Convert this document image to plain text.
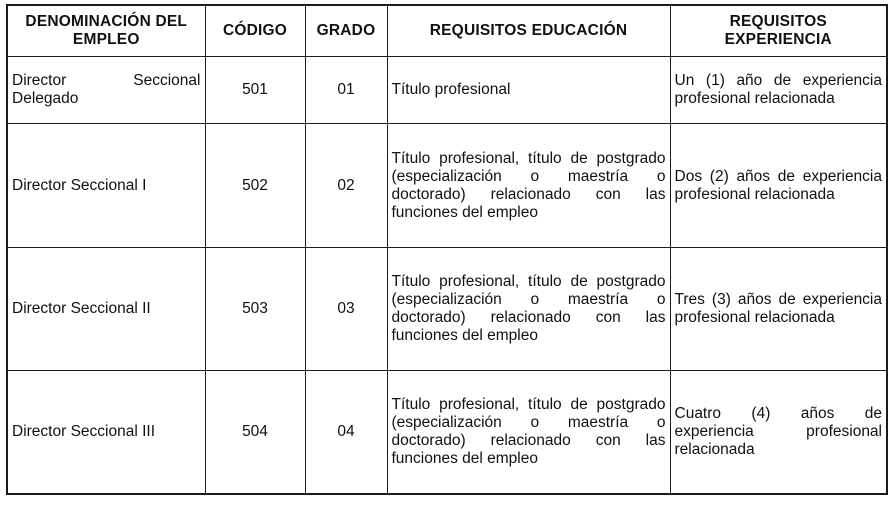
DENOMINACIÓN DEL EMPLEO	CÓDIGO	GRADO	REQUISITOS EDUCACIÓN	REQUISITOS EXPERIENCIA
Director Seccional Delegado	501	01	Título profesional	Un (1) año de experiencia profesional relacionada
Director Seccional I	502	02	Título profesional, título de postgrado (especialización o maestría o doctorado) relacionado con las funciones del empleo	Dos (2) años de experiencia profesional relacionada
Director Seccional II	503	03	Título profesional, título de postgrado (especialización o maestría o doctorado) relacionado con las funciones del empleo	Tres (3) años de experiencia profesional relacionada
Director Seccional III	504	04	Título profesional, título de postgrado (especialización o maestría o doctorado) relacionado con las funciones del empleo	Cuatro (4) años de experiencia profesional relacionada
